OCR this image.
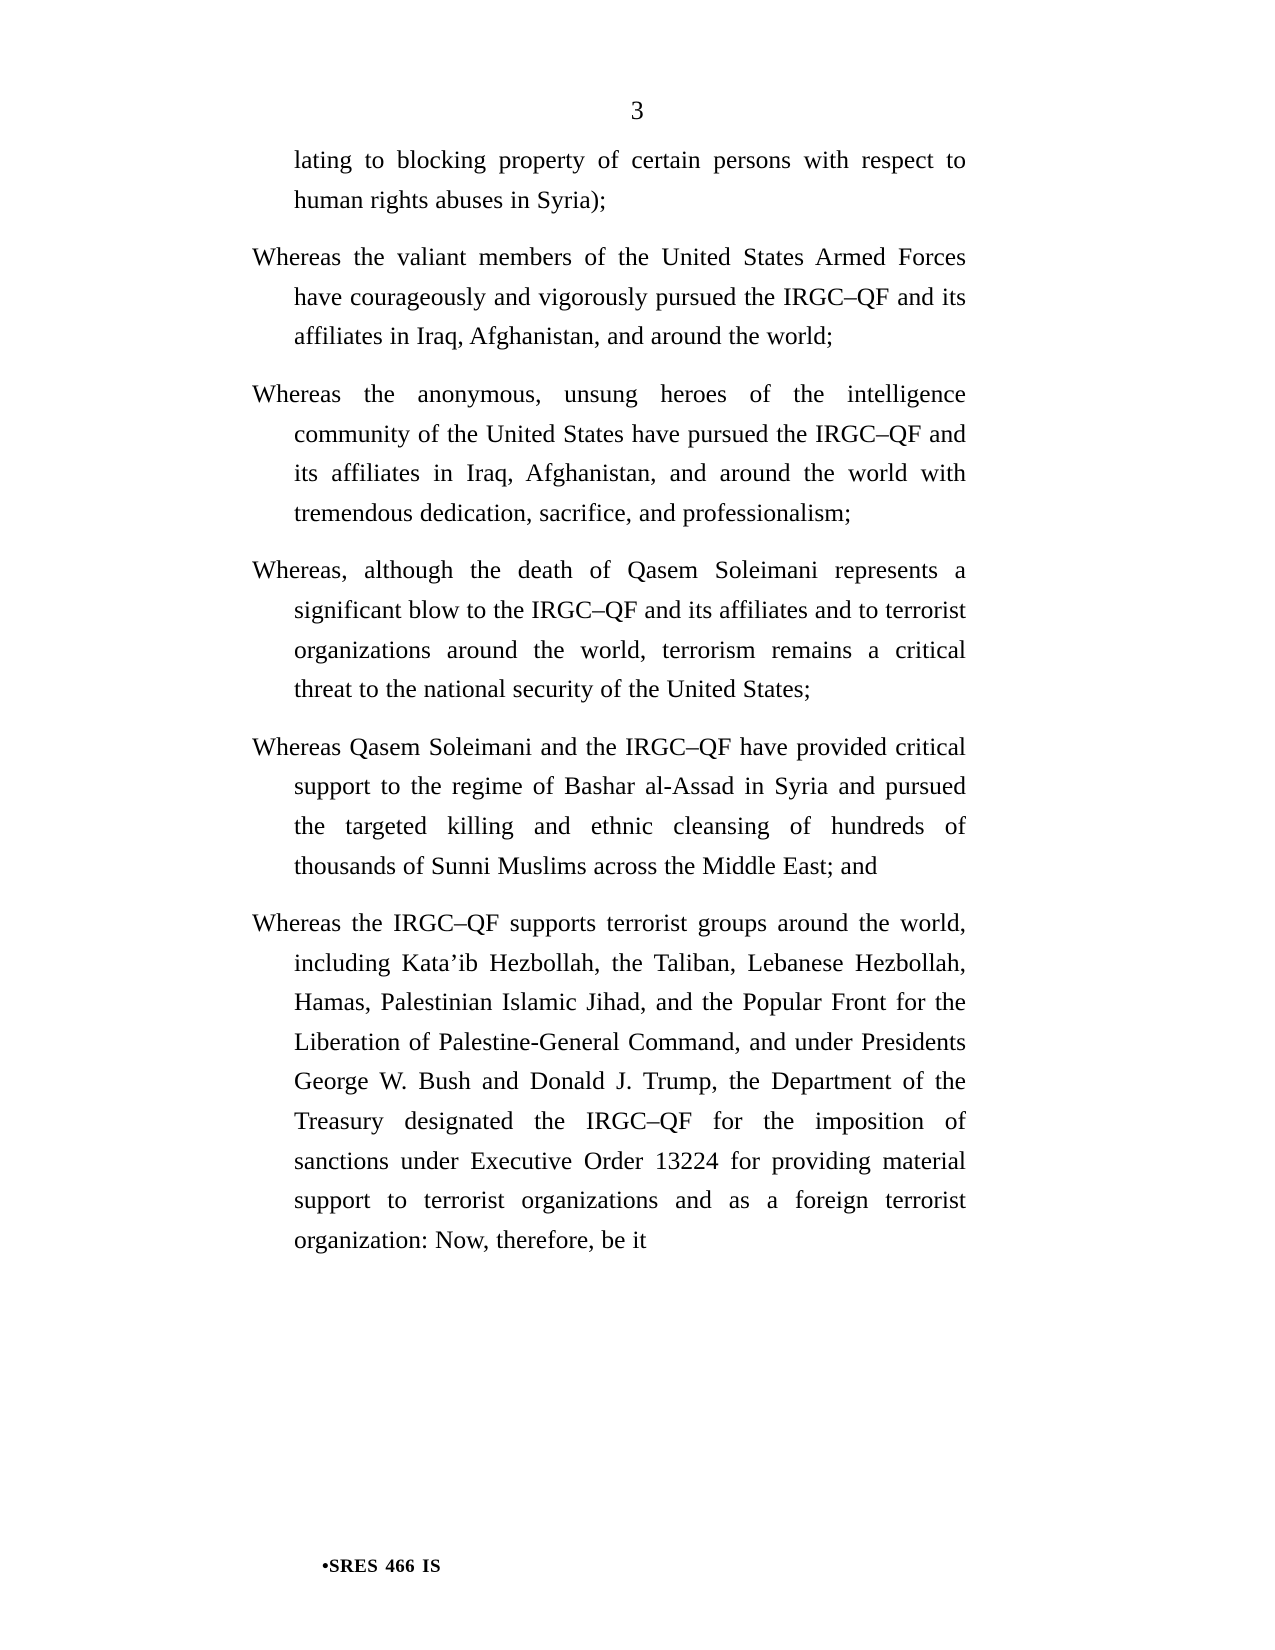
3

lating to blocking property of certain persons with respect to human rights abuses in Syria);

Whereas the valiant members of the United States Armed Forces have courageously and vigorously pursued the IRGC–QF and its affiliates in Iraq, Afghanistan, and around the world;

Whereas the anonymous, unsung heroes of the intelligence community of the United States have pursued the IRGC–QF and its affiliates in Iraq, Afghanistan, and around the world with tremendous dedication, sacrifice, and professionalism;

Whereas, although the death of Qasem Soleimani represents a significant blow to the IRGC–QF and its affiliates and to terrorist organizations around the world, terrorism remains a critical threat to the national security of the United States;

Whereas Qasem Soleimani and the IRGC–QF have provided critical support to the regime of Bashar al-Assad in Syria and pursued the targeted killing and ethnic cleansing of hundreds of thousands of Sunni Muslims across the Middle East; and

Whereas the IRGC–QF supports terrorist groups around the world, including Kata’ib Hezbollah, the Taliban, Lebanese Hezbollah, Hamas, Palestinian Islamic Jihad, and the Popular Front for the Liberation of Palestine-General Command, and under Presidents George W. Bush and Donald J. Trump, the Department of the Treasury designated the IRGC–QF for the imposition of sanctions under Executive Order 13224 for providing material support to terrorist organizations and as a foreign terrorist organization: Now, therefore, be it

•SRES 466 IS
